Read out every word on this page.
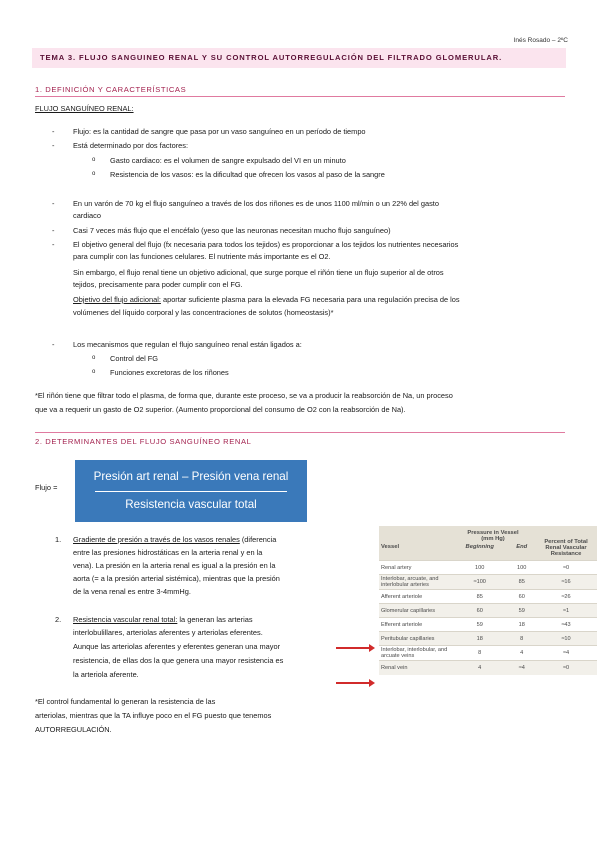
Inés Rosado – 2ºC
TEMA 3. FLUJO SANGUINEO RENAL Y SU CONTROL AUTORREGULACIÓN DEL FILTRADO GLOMERULAR.
1. DEFINICIÓN Y CARACTERÍSTICAS
FLUJO SANGUÍNEO RENAL:
-	Flujo: es la cantidad de sangre que pasa por un vaso sanguíneo en un período de tiempo
-	Está determinado por dos factores:
o Gasto cardiaco: es el volumen de sangre expulsado del VI en un minuto
o Resistencia de los vasos: es la dificultad que ofrecen los vasos al paso de la sangre
-	En un varón de 70 kg el flujo sanguíneo a través de los dos riñones es de unos 1100 ml/min o un 22% del gasto
cardiaco
-	Casi 7 veces más flujo que el encéfalo (yeso que las neuronas necesitan mucho flujo sanguíneo)
-	El objetivo general del flujo (fx necesaria para todos los tejidos) es proporcionar a los tejidos los nutrientes necesarios
para cumplir con las funciones celulares. El nutriente más importante es el O2.
Sin embargo, el flujo renal tiene un objetivo adicional, que surge porque el riñón tiene un flujo superior al de otros
tejidos, precisamente para poder cumplir con el FG.
Objetivo del flujo adicional: aportar suficiente plasma para la elevada FG necesaria para una regulación precisa de los
volúmenes del líquido corporal y las concentraciones de solutos (homeostasis)*
-	Los mecanismos que regulan el flujo sanguíneo renal están ligados a:
o Control del FG
o Funciones excretoras de los riñones
*El riñón tiene que filtrar todo el plasma, de forma que, durante este proceso, se va a producir la reabsorción de Na, un proceso
que va a requerir un gasto de O2 superior. (Aumento proporcional del consumo de O2 con la reabsorción de Na).
2. DETERMINANTES DEL FLUJO SANGUÍNEO RENAL
Flujo =
Presión art renal – Presión vena renal
Resistencia vascular total
1. Gradiente de presión a través de los vasos renales (diferencia
entre las presiones hidrostáticas en la arteria renal y en la
vena). La presión en la arteria renal es igual a la presión en la
aorta (= a la presión arterial sistémica), mientras que la presión
de la vena renal es entre 3-4mmHg.
2. Resistencia vascular renal total: la generan las arterias
interlobulillares, arteriolas aferentes y arteriolas eferentes.
Aunque las arteriolas aferentes y eferentes generan una mayor
resistencia, de ellas dos la que genera una mayor resistencia es
la arteriola aferente.
*El control fundamental lo generan la resistencia de las
arteriolas, mientras que la TA influye poco en el FG puesto que tenemos
AUTORREGULACIÓN.
Vessel	Pressure in Vessel
(mm Hg)		Percent of Total Renal Vascular Resistance
	Beginning	End	
Renal artery	100	100	≈0
Interlobar, arcuate, and interlobular arteries	≈100	85	≈16
Afferent arteriole	85	60	≈26
Glomerular capillaries	60	59	≈1
Efferent arteriole	59	18	≈43
Peritubular capillaries	18	8	≈10
Interlobar, interlobular, and arcuate veins	8	4	≈4
Renal vein	4	≈4	≈0
